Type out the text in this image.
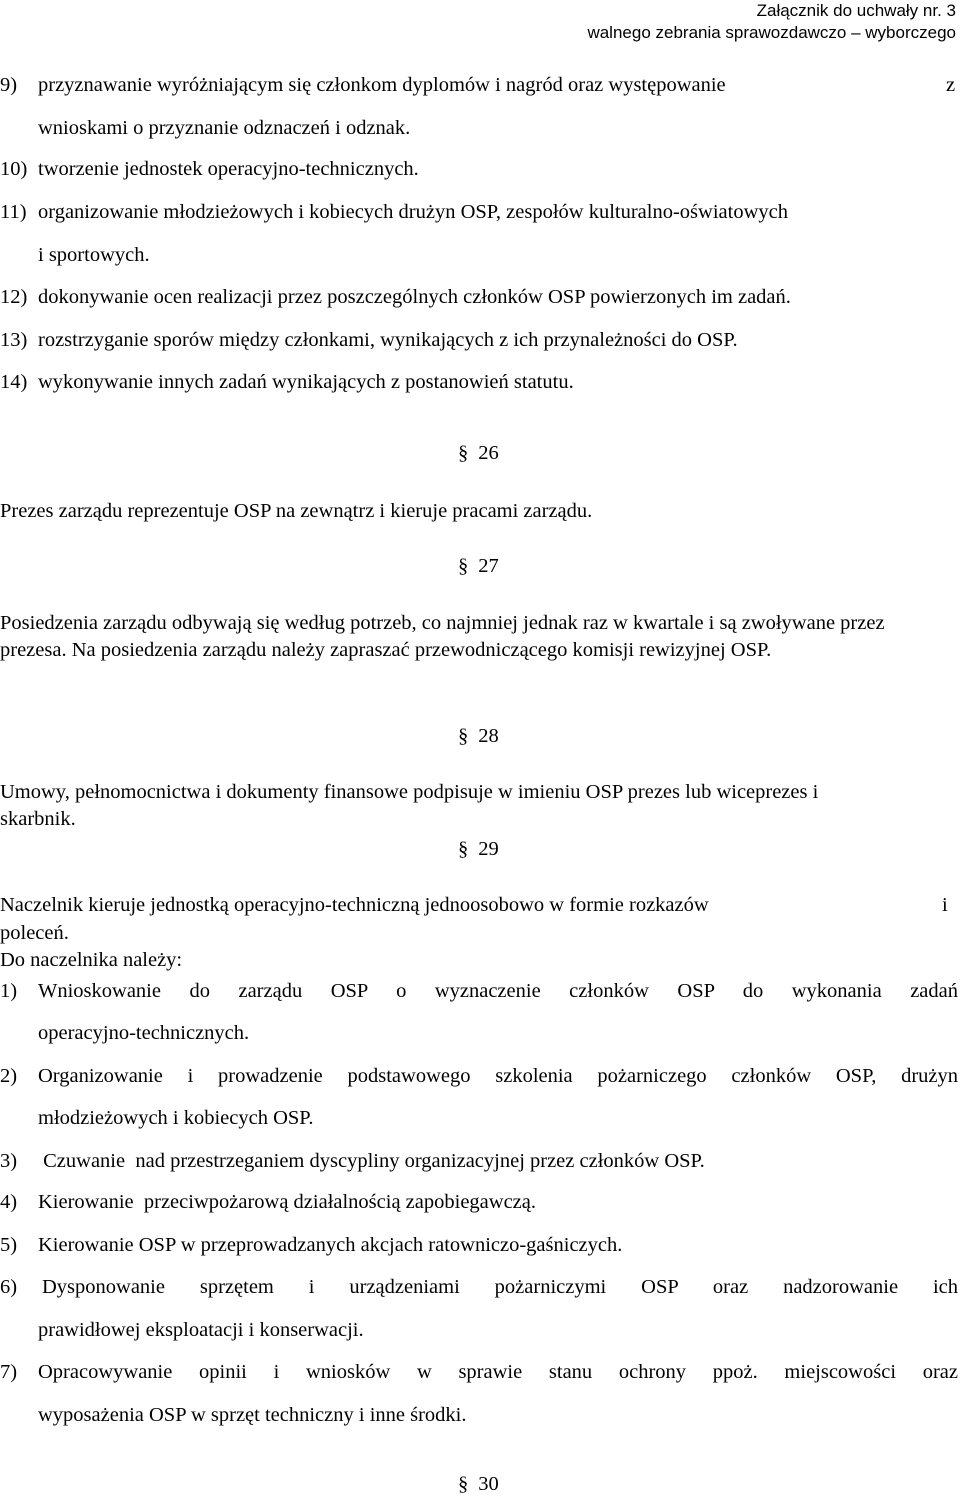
Załącznik do uchwały nr. 3
walnego zebrania sprawozdawczo – wyborczego
9) przyznawanie wyróżniającym się członkom dyplomów i nagród oraz występowanie	z
wnioskami o przyznanie odznaczeń i odznak.
10) tworzenie jednostek operacyjno-technicznych.
11) organizowanie młodzieżowych i kobiecych drużyn OSP, zespołów kulturalno-oświatowych
i sportowych.
12) dokonywanie ocen realizacji przez poszczególnych członków OSP powierzonych im zadań.
13) rozstrzyganie sporów między członkami, wynikających z ich przynależności do OSP.
14) wykonywanie innych zadań wynikających z postanowień statutu.
§ 26
Prezes zarządu reprezentuje OSP na zewnątrz i kieruje pracami zarządu.
§ 27
Posiedzenia zarządu odbywają się według potrzeb, co najmniej jednak raz w kwartale i są zwoływane przez prezesa. Na posiedzenia zarządu należy zapraszać przewodniczącego komisji rewizyjnej OSP.
§ 28
Umowy, pełnomocnictwa i dokumenty finansowe podpisuje w imieniu OSP prezes lub wiceprezes i skarbnik.
§ 29
Naczelnik kieruje jednostką operacyjno-techniczną jednoosobowo w formie rozkazów	i
poleceń.
Do naczelnika należy:
1) Wnioskowanie do zarządu OSP o wyznaczenie członków OSP do wykonania zadań
operacyjno-technicznych.
2) Organizowanie i prowadzenie podstawowego szkolenia pożarniczego członków OSP, drużyn
młodzieżowych i kobiecych OSP.
3) Czuwanie  nad przestrzeganiem dyscypliny organizacyjnej przez członków OSP.
4) Kierowanie  przeciwpożarową działalnością zapobiegawczą.
5) Kierowanie OSP w przeprowadzanych akcjach ratowniczo-gaśniczych.
6) Dysponowanie sprzętem i urządzeniami pożarniczymi OSP oraz nadzorowanie ich
prawidłowej eksploatacji i konserwacji.
7) Opracowywanie opinii i wniosków w sprawie stanu ochrony ppoż. miejscowości oraz
wyposażenia OSP w sprzęt techniczny i inne środki.
§ 30
